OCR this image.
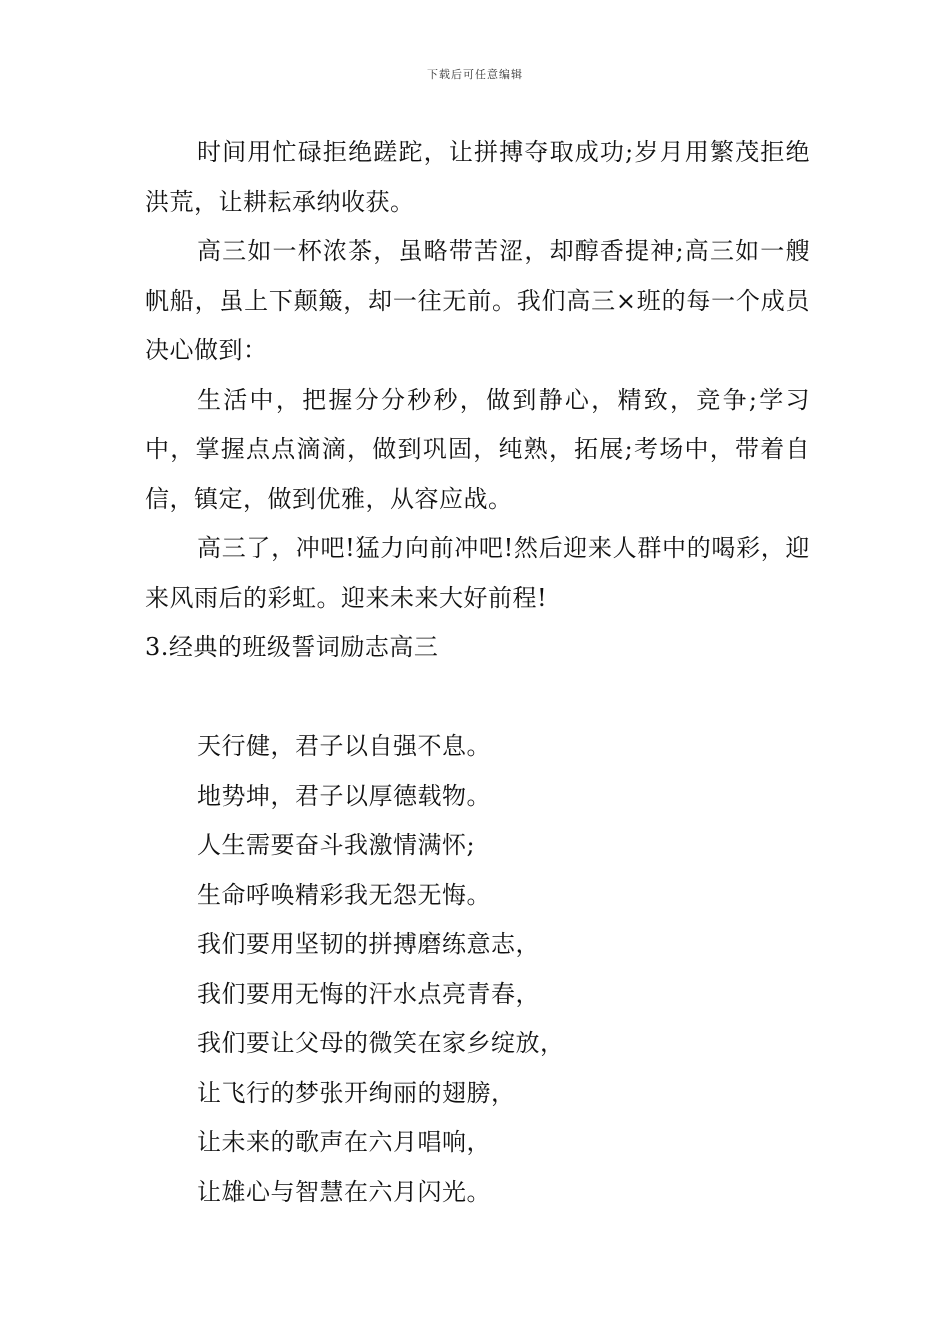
下载后可任意编辑

时间用忙碌拒绝蹉跎，让拼搏夺取成功;岁月用繁茂拒绝洪荒，让耕耘承纳收获。

高三如一杯浓茶，虽略带苦涩，却醇香提神;高三如一艘帆船，虽上下颠簸，却一往无前。我们高三×班的每一个成员决心做到：

生活中，把握分分秒秒，做到静心，精致，竞争;学习中，掌握点点滴滴，做到巩固，纯熟，拓展;考场中，带着自信，镇定，做到优雅，从容应战。

高三了，冲吧!猛力向前冲吧!然后迎来人群中的喝彩，迎来风雨后的彩虹。迎来未来大好前程!

3.经典的班级誓词励志高三

天行健，君子以自强不息。

地势坤，君子以厚德载物。

人生需要奋斗我激情满怀;

生命呼唤精彩我无怨无悔。

我们要用坚韧的拼搏磨练意志，

我们要用无悔的汗水点亮青春，

我们要让父母的微笑在家乡绽放，

让飞行的梦张开绚丽的翅膀，

让未来的歌声在六月唱响，

让雄心与智慧在六月闪光。
